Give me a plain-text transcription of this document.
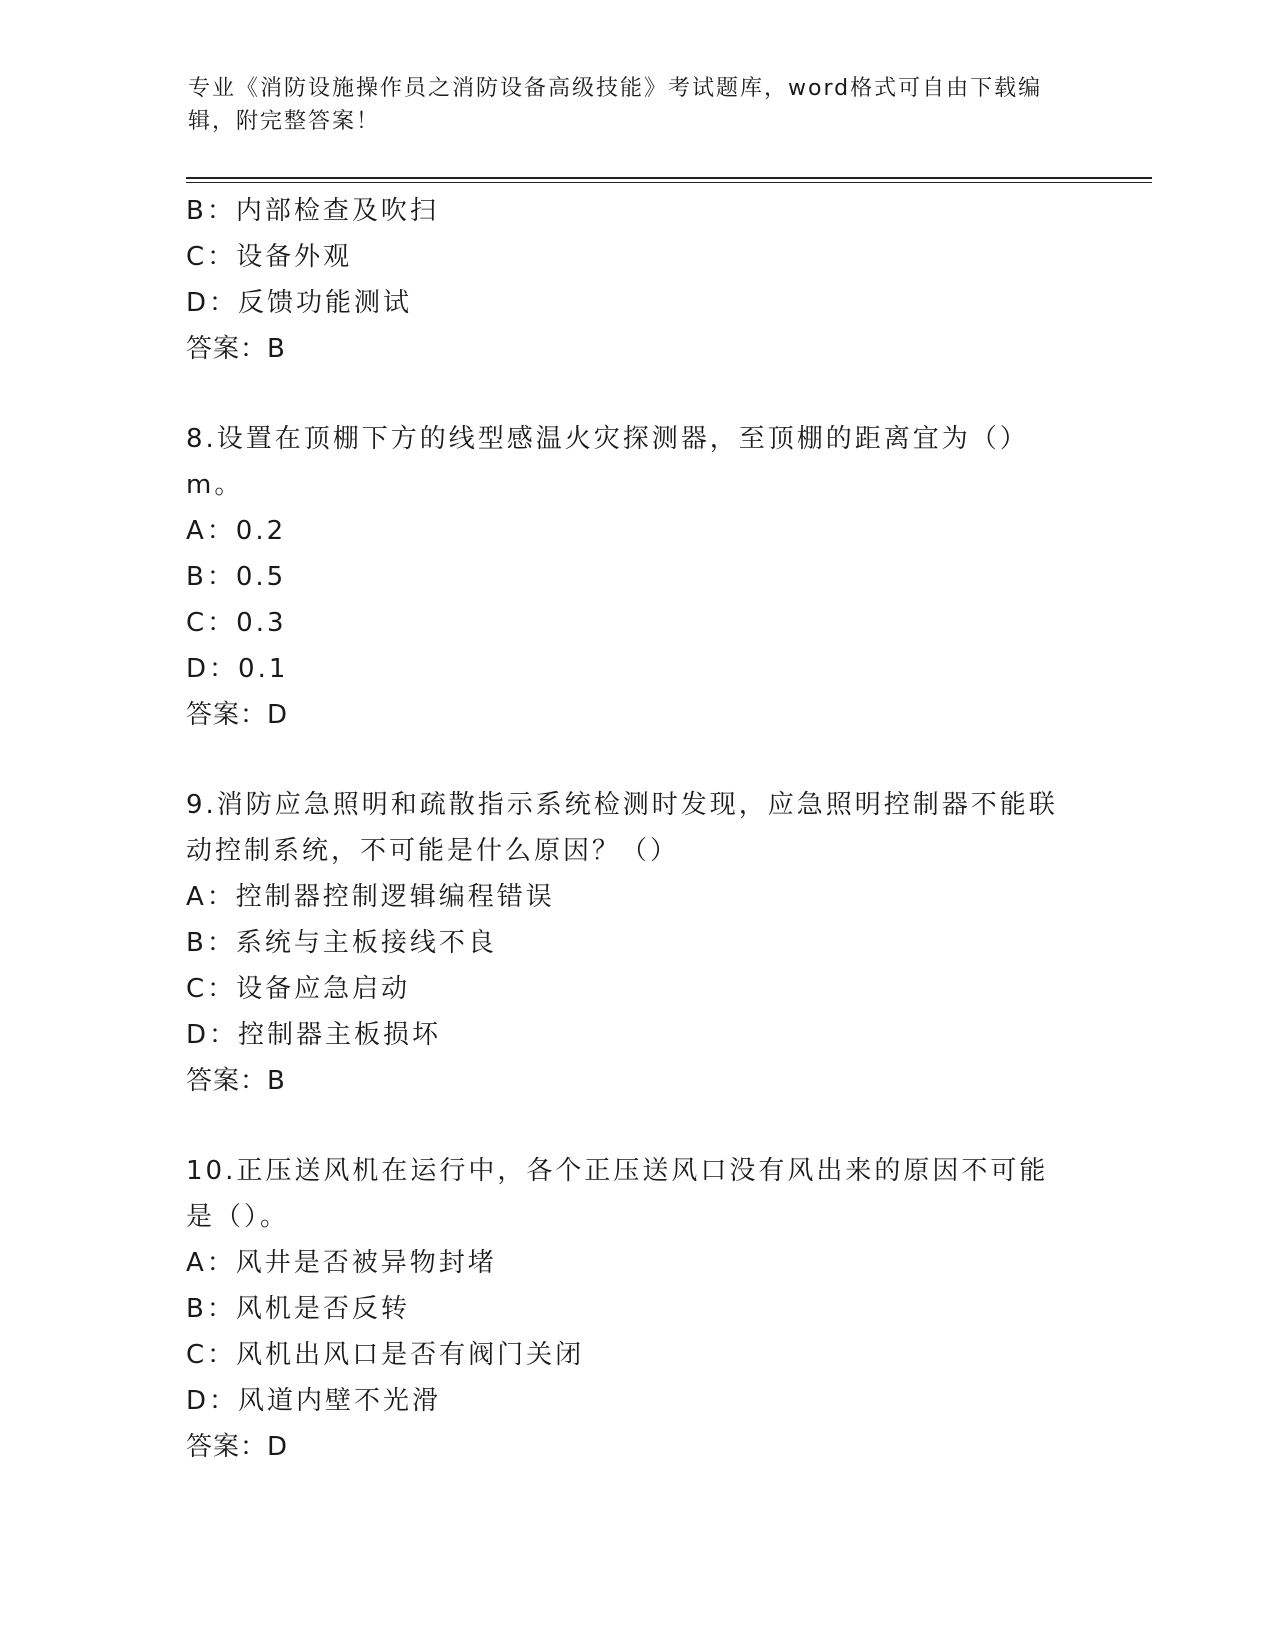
专业《消防设施操作员之消防设备高级技能》考试题库，word格式可自由下载编辑，附完整答案！
B：内部检查及吹扫
C：设备外观
D：反馈功能测试
答案：B
8.设置在顶棚下方的线型感温火灾探测器，至顶棚的距离宜为（）m。
A：0.2
B：0.5
C：0.3
D：0.1
答案：D
9.消防应急照明和疏散指示系统检测时发现，应急照明控制器不能联动控制系统，不可能是什么原因？（）
A：控制器控制逻辑编程错误
B：系统与主板接线不良
C：设备应急启动
D：控制器主板损坏
答案：B
10.正压送风机在运行中，各个正压送风口没有风出来的原因不可能是（）。
A：风井是否被异物封堵
B：风机是否反转
C：风机出风口是否有阀门关闭
D：风道内壁不光滑
答案：D
